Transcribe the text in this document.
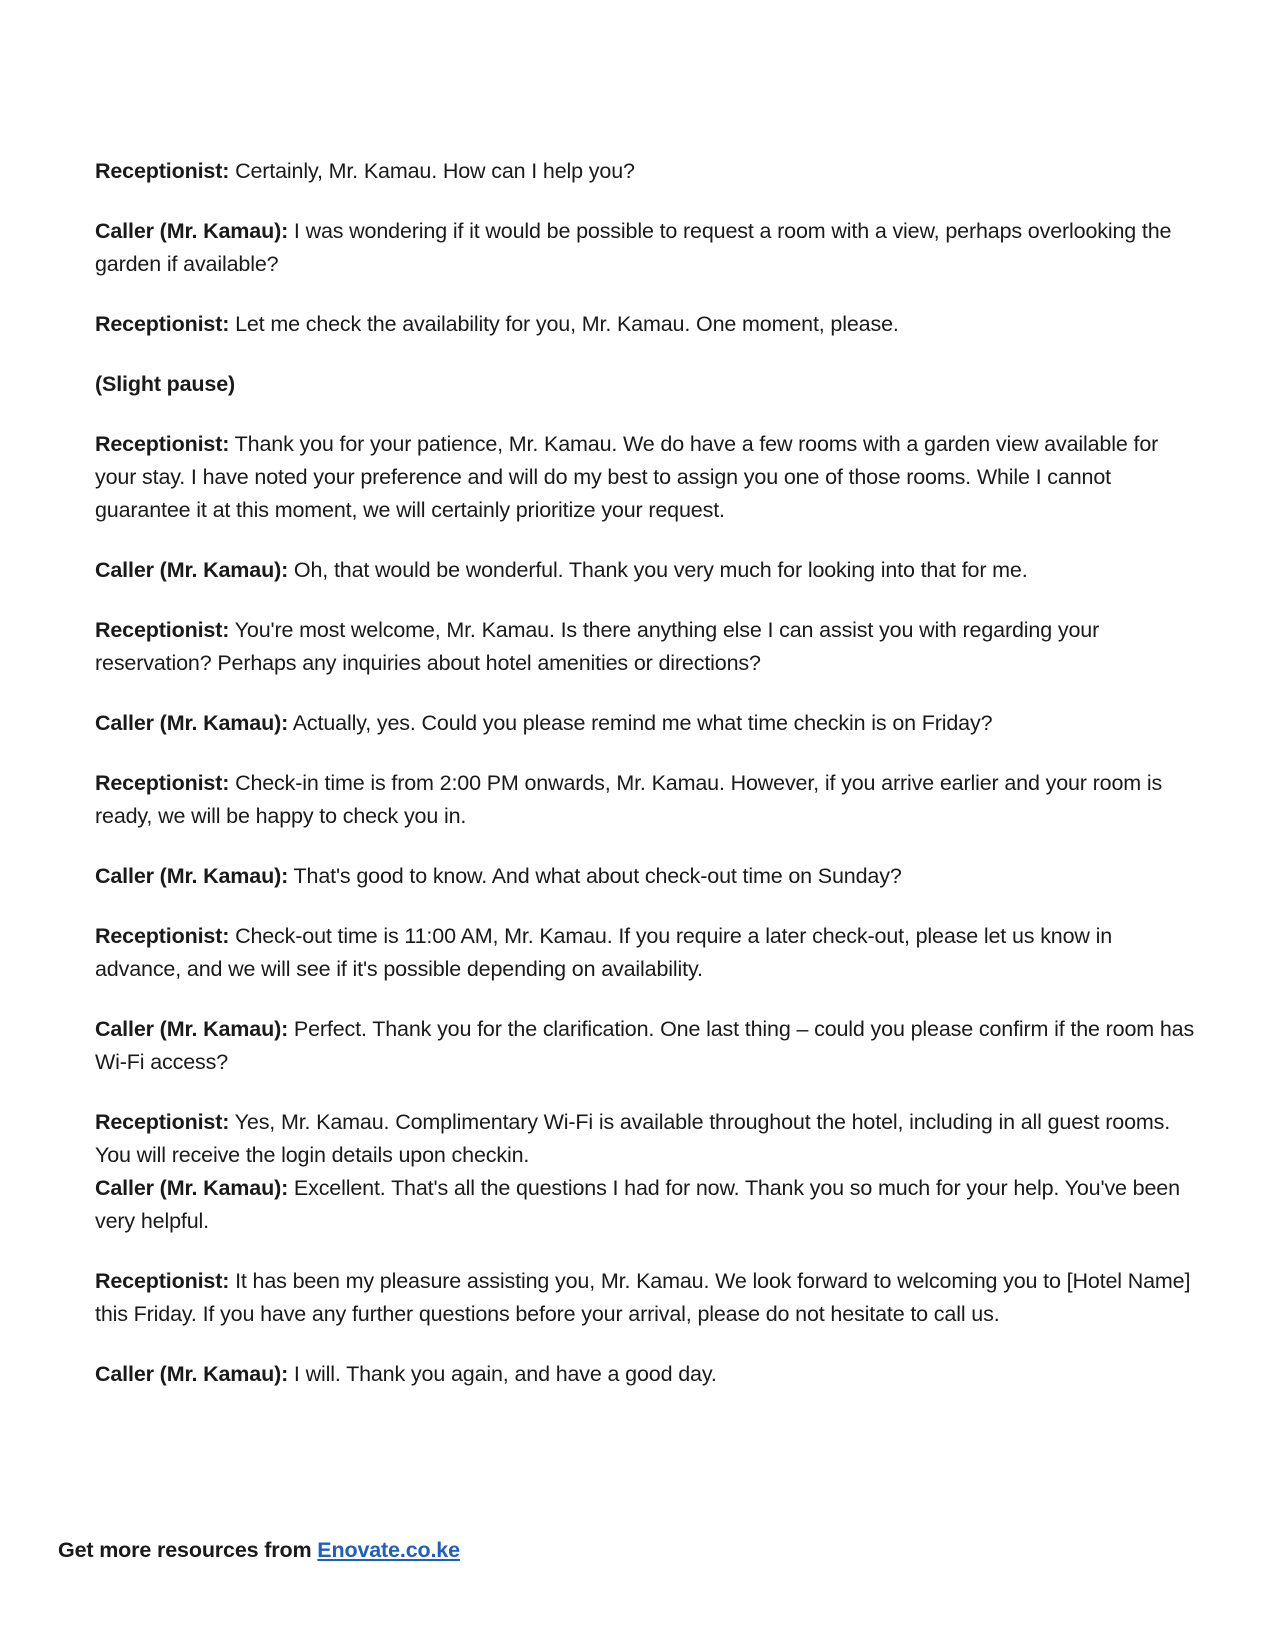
Receptionist: Certainly, Mr. Kamau. How can I help you?

Caller (Mr. Kamau): I was wondering if it would be possible to request a room with a view, perhaps overlooking the garden if available?

Receptionist: Let me check the availability for you, Mr. Kamau. One moment, please.

(Slight pause)

Receptionist: Thank you for your patience, Mr. Kamau. We do have a few rooms with a garden view available for your stay. I have noted your preference and will do my best to assign you one of those rooms. While I cannot guarantee it at this moment, we will certainly prioritize your request.

Caller (Mr. Kamau): Oh, that would be wonderful. Thank you very much for looking into that for me.

Receptionist: You're most welcome, Mr. Kamau. Is there anything else I can assist you with regarding your reservation? Perhaps any inquiries about hotel amenities or directions?

Caller (Mr. Kamau): Actually, yes. Could you please remind me what time checkin is on Friday?

Receptionist: Check-in time is from 2:00 PM onwards, Mr. Kamau. However, if you arrive earlier and your room is ready, we will be happy to check you in.

Caller (Mr. Kamau): That's good to know. And what about check-out time on Sunday?

Receptionist: Check-out time is 11:00 AM, Mr. Kamau. If you require a later check-out, please let us know in advance, and we will see if it's possible depending on availability.

Caller (Mr. Kamau): Perfect. Thank you for the clarification. One last thing – could you please confirm if the room has Wi-Fi access?

Receptionist: Yes, Mr. Kamau. Complimentary Wi-Fi is available throughout the hotel, including in all guest rooms. You will receive the login details upon checkin.

Caller (Mr. Kamau): Excellent. That's all the questions I had for now. Thank you so much for your help. You've been very helpful.

Receptionist: It has been my pleasure assisting you, Mr. Kamau. We look forward to welcoming you to [Hotel Name] this Friday. If you have any further questions before your arrival, please do not hesitate to call us.

Caller (Mr. Kamau): I will. Thank you again, and have a good day.

Get more resources from Enovate.co.ke
